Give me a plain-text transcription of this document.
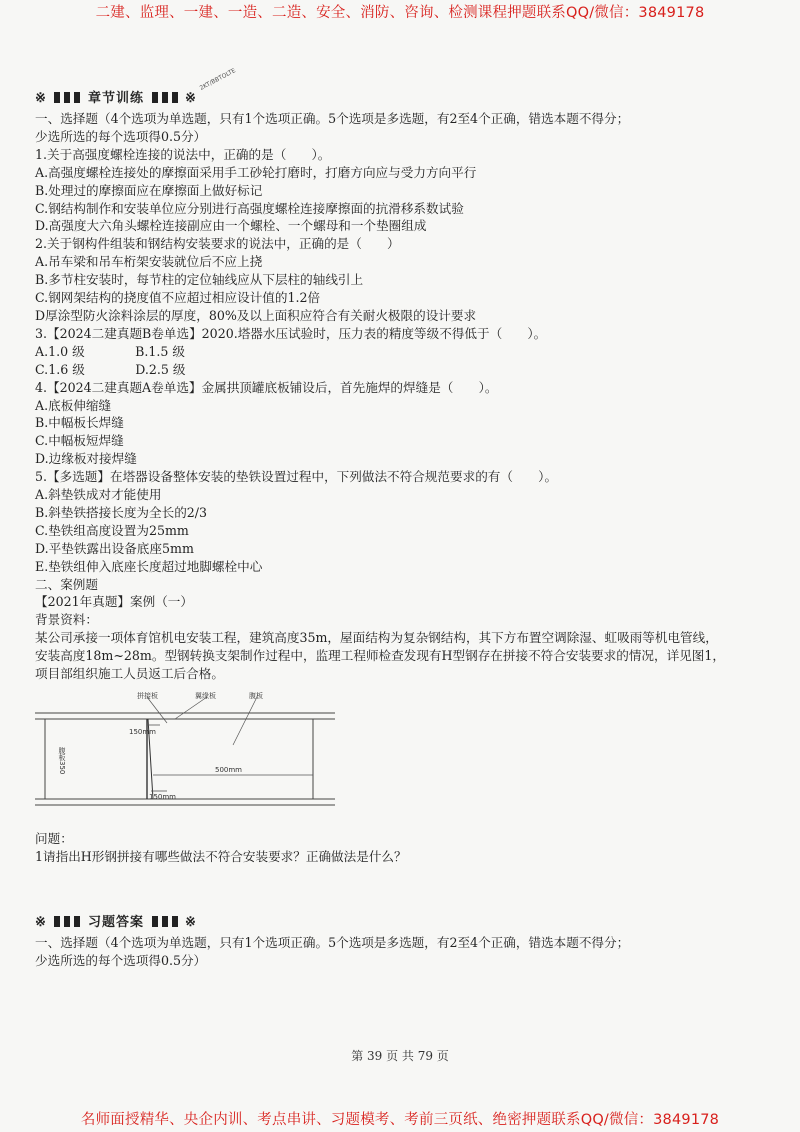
二建、监理、一建、一造、二造、安全、消防、咨询、检测课程押题联系QQ/微信：3849178
2KT/BBTOLTE
※	章节训练	※

一、选择题（4个选项为单选题，只有1个选项正确。5个选项是多选题，有2至4个正确，错选本题不得分；

少选所选的每个选项得0.5分）

1.关于高强度螺栓连接的说法中，正确的是（　　）。

A.高强度螺栓连接处的摩擦面采用手工砂轮打磨时，打磨方向应与受力方向平行

B.处理过的摩擦面应在摩擦面上做好标记

C.钢结构制作和安装单位应分别进行高强度螺栓连接摩擦面的抗滑移系数试验

D.高强度大六角头螺栓连接副应由一个螺栓、一个螺母和一个垫圈组成

2.关于钢构件组装和钢结构安装要求的说法中，正确的是（　　）

A.吊车梁和吊车桁架安装就位后不应上挠

B.多节柱安装时，每节柱的定位轴线应从下层柱的轴线引上

C.钢网架结构的挠度值不应超过相应设计值的1.2倍

D厚涂型防火涂料涂层的厚度，80%及以上面积应符合有关耐火极限的设计要求

3.【2024二建真题B卷单选】2020.塔器水压试验时，压力表的精度等级不得低于（　　）。

A.1.0 级　　　　B.1.5 级

C.1.6 级　　　　D.2.5 级

4.【2024二建真题A卷单选】金属拱顶罐底板铺设后，首先施焊的焊缝是（　　）。

A.底板伸缩缝

B.中幅板长焊缝

C.中幅板短焊缝

D.边缘板对接焊缝

5.【多选题】在塔器设备整体安装的垫铁设置过程中，下列做法不符合规范要求的有（　　）。

A.斜垫铁成对才能使用

B.斜垫铁搭接长度为全长的2/3

C.垫铁组高度设置为25mm

D.平垫铁露出设备底座5mm

E.垫铁组伸入底座长度超过地脚螺栓中心

二、案例题

【2021年真题】案例（一）

背景资料：

某公司承接一项体育馆机电安装工程，建筑高度35m，屋面结构为复杂钢结构，其下方布置空调除湿、虹吸雨等机电管线，安装高度18m~28m。型钢转换支架制作过程中，监理工程师检查发现有H型钢存在拼接不符合安装要求的情况，详见图1，项目部组织施工人员返工后合格。

拼接板	翼缘板	腹板
150mm
500mm
150mm
腹板350

问题：

1请指出H形钢拼接有哪些做法不符合安装要求？正确做法是什么？

※	习题答案	※

一、选择题（4个选项为单选题，只有1个选项正确。5个选项是多选题，有2至4个正确，错选本题不得分；

少选所选的每个选项得0.5分）

第 39 页 共 79 页
名师面授精华、央企内训、考点串讲、习题模考、考前三页纸、绝密押题联系QQ/微信：3849178
